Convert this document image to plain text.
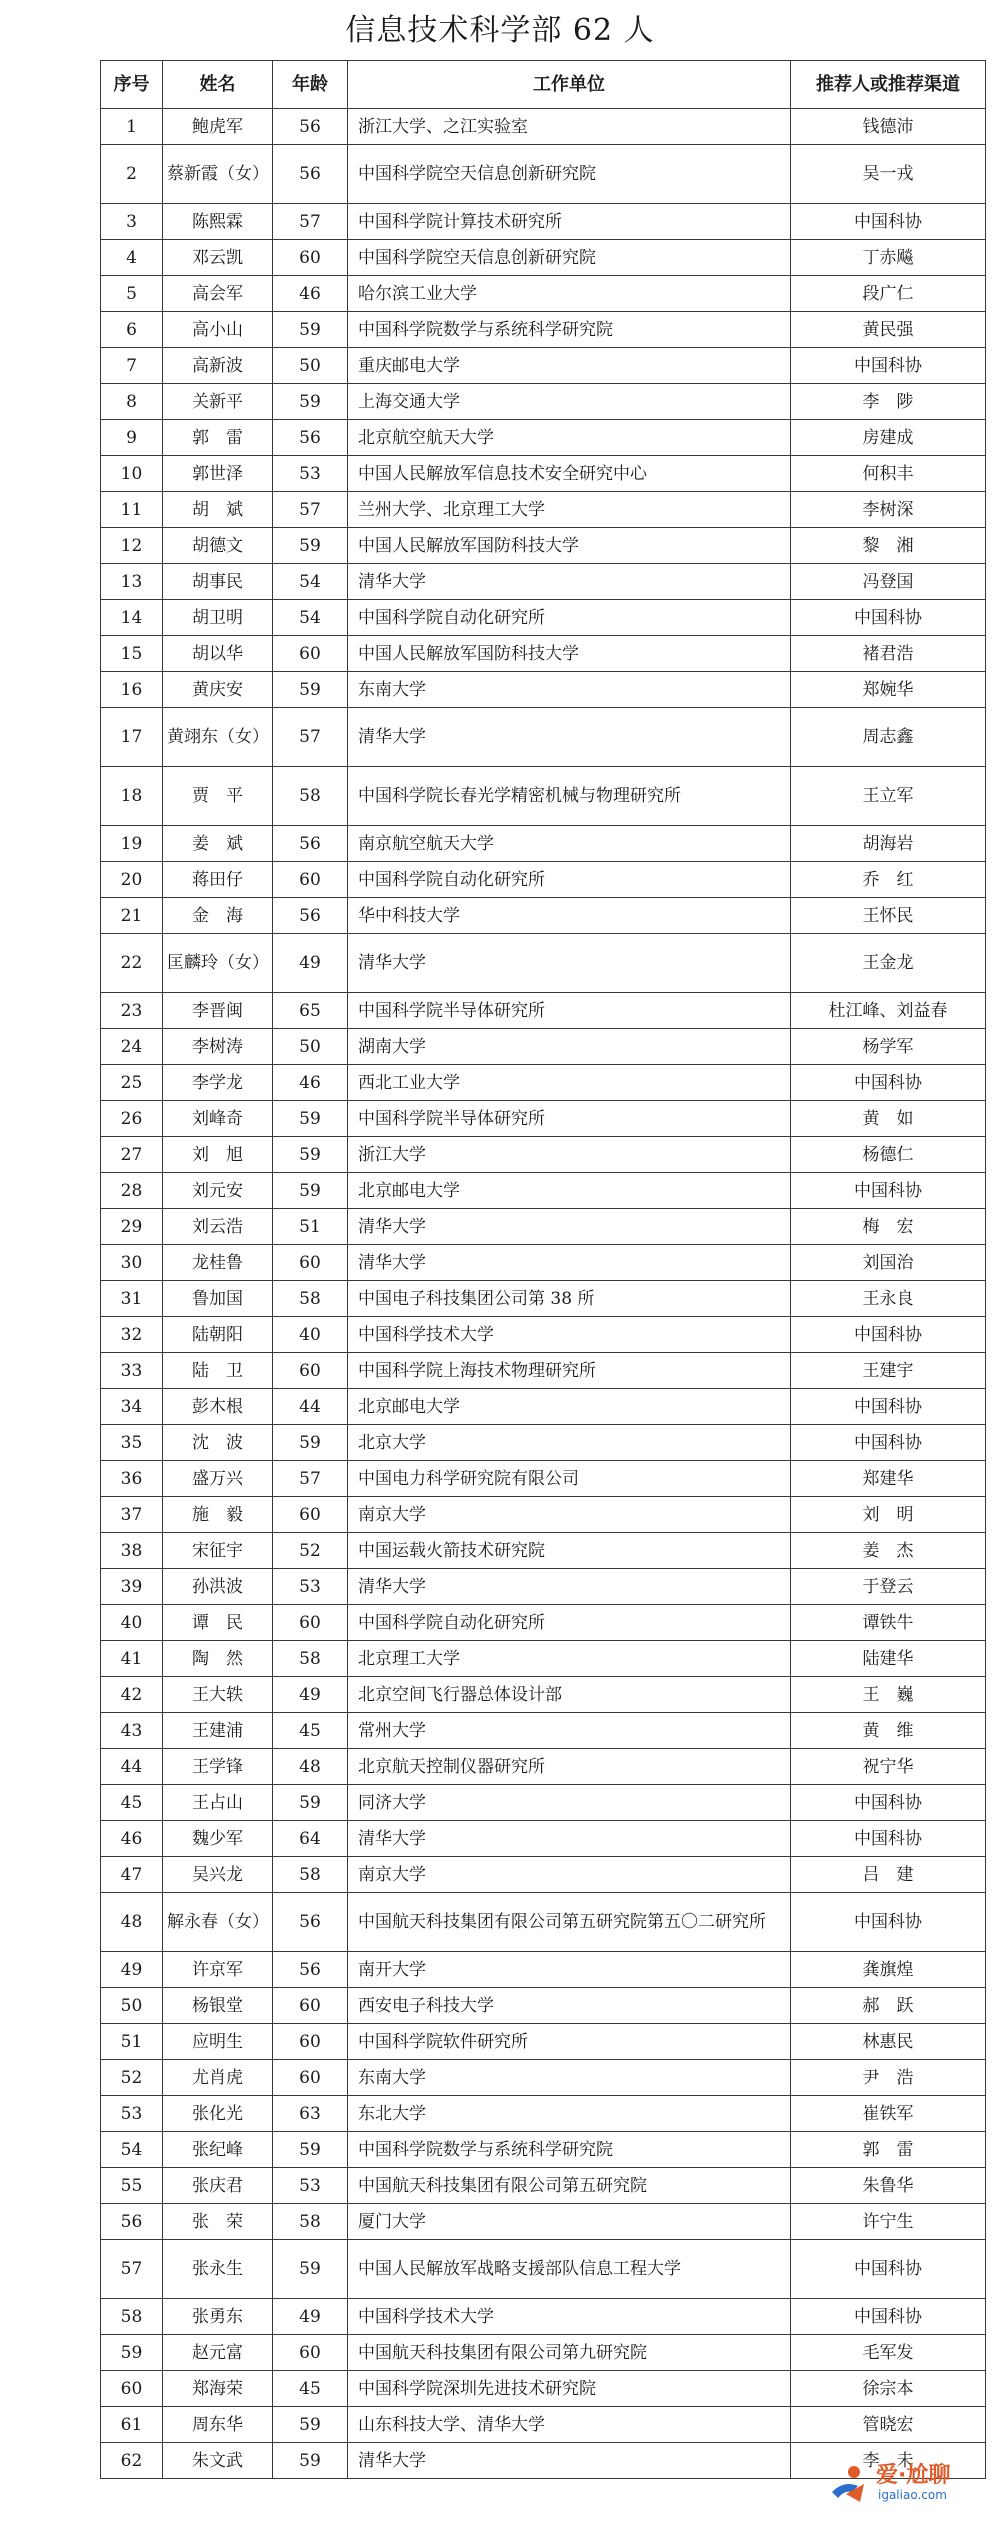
信息技术科学部 62 人
序号	姓名	年龄	工作单位	推荐人或推荐渠道
1	鲍虎军	56	浙江大学、之江实验室	钱德沛
2	蔡新霞（女）	56	中国科学院空天信息创新研究院	吴一戎
3	陈熙霖	57	中国科学院计算技术研究所	中国科协
4	邓云凯	60	中国科学院空天信息创新研究院	丁赤飚
5	高会军	46	哈尔滨工业大学	段广仁
6	高小山	59	中国科学院数学与系统科学研究院	黄民强
7	高新波	50	重庆邮电大学	中国科协
8	关新平	59	上海交通大学	李　陟
9	郭　雷	56	北京航空航天大学	房建成
10	郭世泽	53	中国人民解放军信息技术安全研究中心	何积丰
11	胡　斌	57	兰州大学、北京理工大学	李树深
12	胡德文	59	中国人民解放军国防科技大学	黎　湘
13	胡事民	54	清华大学	冯登国
14	胡卫明	54	中国科学院自动化研究所	中国科协
15	胡以华	60	中国人民解放军国防科技大学	褚君浩
16	黄庆安	59	东南大学	郑婉华
17	黄翊东（女）	57	清华大学	周志鑫
18	贾　平	58	中国科学院长春光学精密机械与物理研究所	王立军
19	姜　斌	56	南京航空航天大学	胡海岩
20	蒋田仔	60	中国科学院自动化研究所	乔　红
21	金　海	56	华中科技大学	王怀民
22	匡麟玲（女）	49	清华大学	王金龙
23	李晋闽	65	中国科学院半导体研究所	杜江峰、刘益春
24	李树涛	50	湖南大学	杨学军
25	李学龙	46	西北工业大学	中国科协
26	刘峰奇	59	中国科学院半导体研究所	黄　如
27	刘　旭	59	浙江大学	杨德仁
28	刘元安	59	北京邮电大学	中国科协
29	刘云浩	51	清华大学	梅　宏
30	龙桂鲁	60	清华大学	刘国治
31	鲁加国	58	中国电子科技集团公司第 38 所	王永良
32	陆朝阳	40	中国科学技术大学	中国科协
33	陆　卫	60	中国科学院上海技术物理研究所	王建宇
34	彭木根	44	北京邮电大学	中国科协
35	沈　波	59	北京大学	中国科协
36	盛万兴	57	中国电力科学研究院有限公司	郑建华
37	施　毅	60	南京大学	刘　明
38	宋征宇	52	中国运载火箭技术研究院	姜　杰
39	孙洪波	53	清华大学	于登云
40	谭　民	60	中国科学院自动化研究所	谭铁牛
41	陶　然	58	北京理工大学	陆建华
42	王大轶	49	北京空间飞行器总体设计部	王　巍
43	王建浦	45	常州大学	黄　维
44	王学锋	48	北京航天控制仪器研究所	祝宁华
45	王占山	59	同济大学	中国科协
46	魏少军	64	清华大学	中国科协
47	吴兴龙	58	南京大学	吕　建
48	解永春（女）	56	中国航天科技集团有限公司第五研究院第五〇二研究所	中国科协
49	许京军	56	南开大学	龚旗煌
50	杨银堂	60	西安电子科技大学	郝　跃
51	应明生	60	中国科学院软件研究所	林惠民
52	尤肖虎	60	东南大学	尹　浩
53	张化光	63	东北大学	崔铁军
54	张纪峰	59	中国科学院数学与系统科学研究院	郭　雷
55	张庆君	53	中国航天科技集团有限公司第五研究院	朱鲁华
56	张　荣	58	厦门大学	许宁生
57	张永生	59	中国人民解放军战略支援部队信息工程大学	中国科协
58	张勇东	49	中国科学技术大学	中国科协
59	赵元富	60	中国航天科技集团有限公司第九研究院	毛军发
60	郑海荣	45	中国科学院深圳先进技术研究院	徐宗本
61	周东华	59	山东科技大学、清华大学	管晓宏
62	朱文武	59	清华大学	李　未
爱·尬聊
igaliao.com
